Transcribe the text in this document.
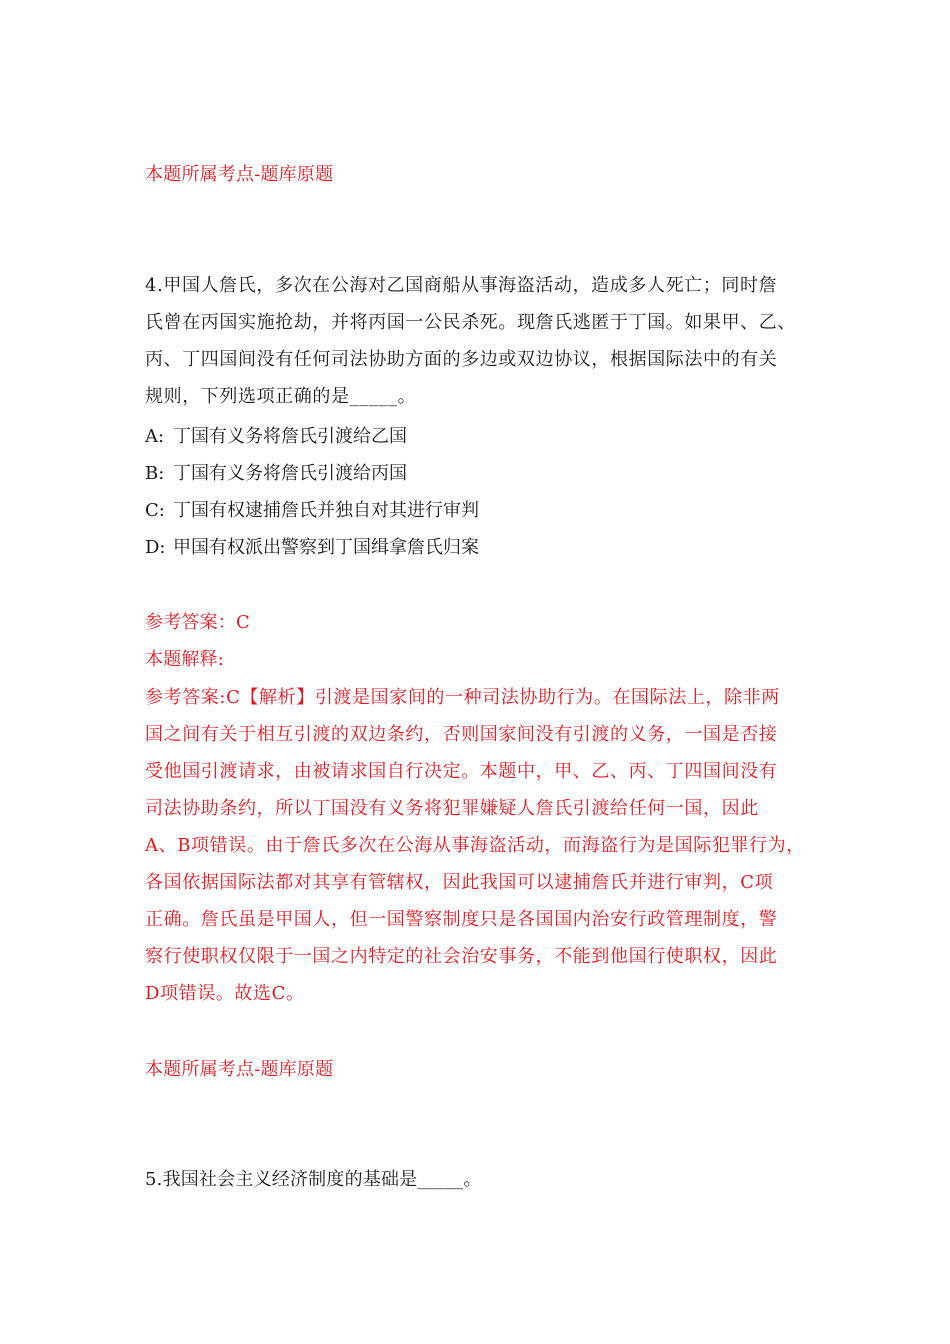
本题所属考点-题库原题
4.甲国人詹氏，多次在公海对乙国商船从事海盗活动，造成多人死亡；同时詹
氏曾在丙国实施抢劫，并将丙国一公民杀死。现詹氏逃匿于丁国。如果甲、乙、
丙、丁四国间没有任何司法协助方面的多边或双边协议，根据国际法中的有关
规则，下列选项正确的是_____。
A: 丁国有义务将詹氏引渡给乙国
B: 丁国有义务将詹氏引渡给丙国
C: 丁国有权逮捕詹氏并独自对其进行审判
D: 甲国有权派出警察到丁国缉拿詹氏归案
参考答案：C
本题解释:
参考答案:C【解析】引渡是国家间的一种司法协助行为。在国际法上，除非两
国之间有关于相互引渡的双边条约，否则国家间没有引渡的义务，一国是否接
受他国引渡请求，由被请求国自行决定。本题中，甲、乙、丙、丁四国间没有
司法协助条约，所以丁国没有义务将犯罪嫌疑人詹氏引渡给任何一国，因此
A、B项错误。由于詹氏多次在公海从事海盗活动，而海盗行为是国际犯罪行为，
各国依据国际法都对其享有管辖权，因此我国可以逮捕詹氏并进行审判，C项
正确。詹氏虽是甲国人，但一国警察制度只是各国国内治安行政管理制度，警
察行使职权仅限于一国之内特定的社会治安事务，不能到他国行使职权，因此
D项错误。故选C。
本题所属考点-题库原题
5.我国社会主义经济制度的基础是_____。
